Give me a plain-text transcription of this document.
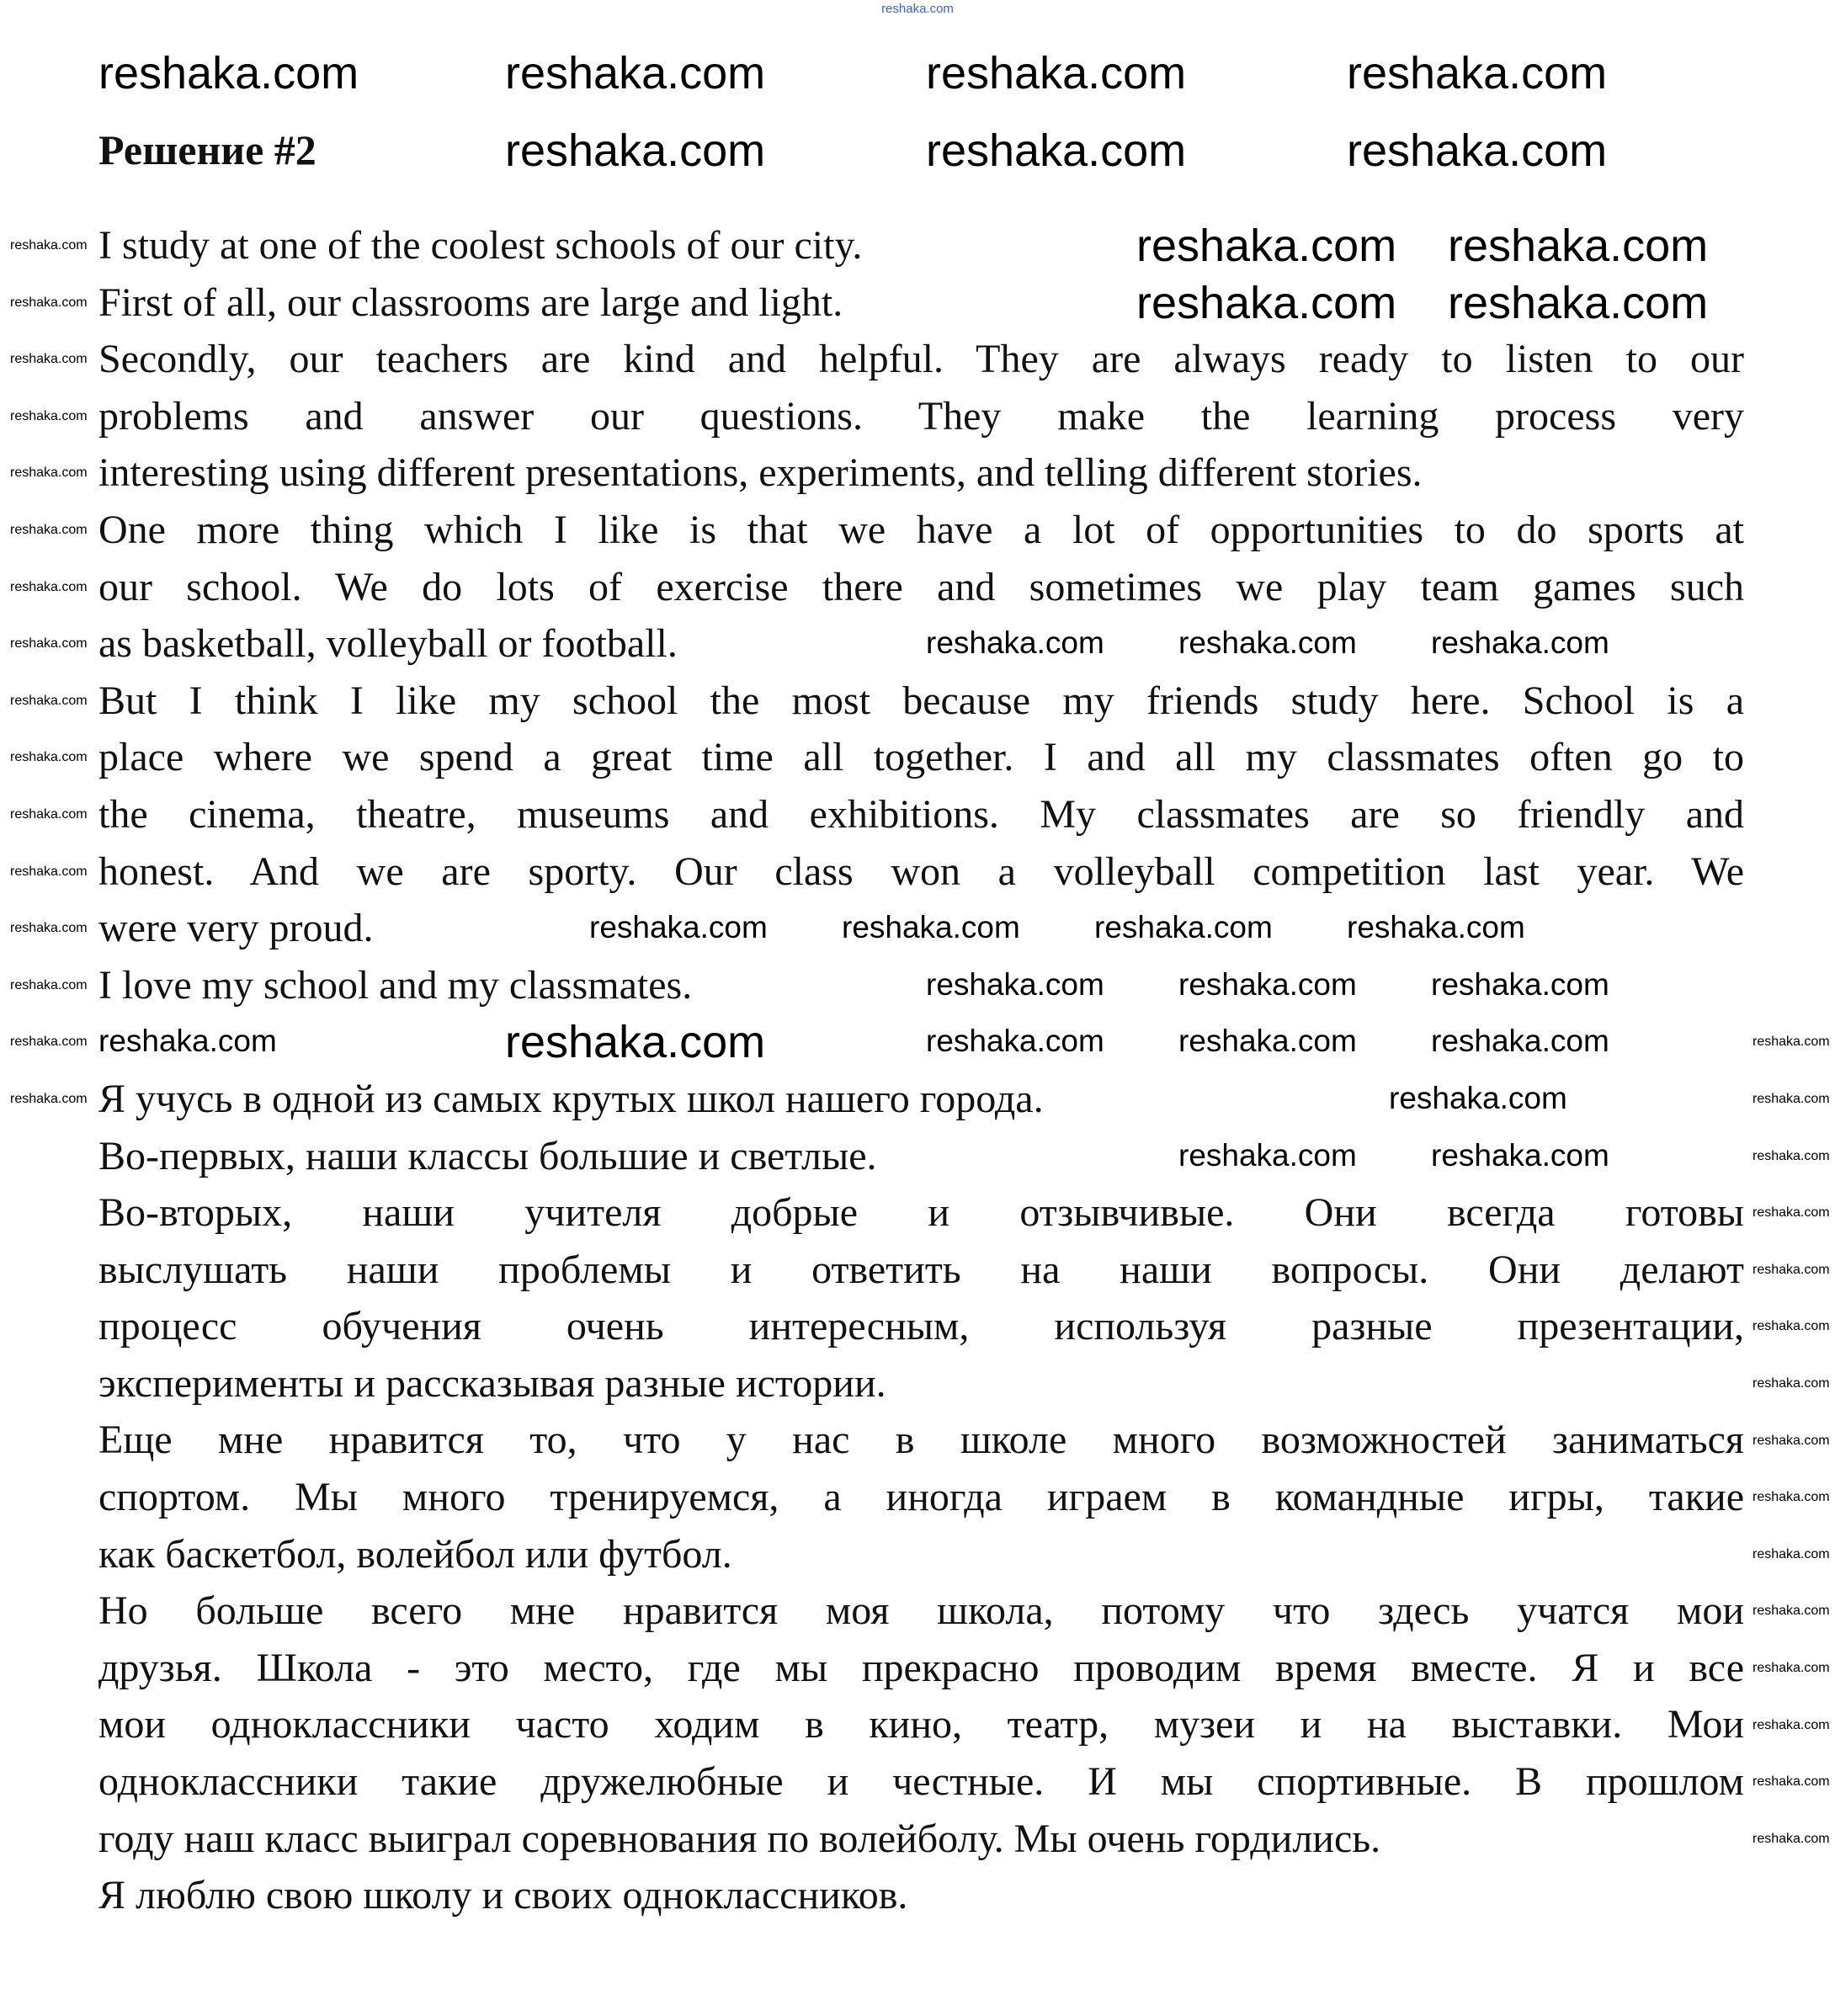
reshaka.com
Решение #2
I study at one of the coolest schools of our city.
First of all, our classrooms are large and light.
Secondly, our teachers are kind and helpful. They are always ready to listen to our
problems and answer our questions. They make the learning process very
interesting using different presentations, experiments, and telling different stories.
One more thing which I like is that we have a lot of opportunities to do sports at
our school. We do lots of exercise there and sometimes we play team games such
as basketball, volleyball or football.
But I think I like my school the most because my friends study here. School is a
place where we spend a great time all together. I and all my classmates often go to
the cinema, theatre, museums and exhibitions. My classmates are so friendly and
honest. And we are sporty. Our class won a volleyball competition last year. We
were very proud.
I love my school and my classmates.
Я учусь в одной из самых крутых школ нашего города.
Во-первых, наши классы большие и светлые.
Во-вторых, наши учителя добрые и отзывчивые. Они всегда готовы
выслушать наши проблемы и ответить на наши вопросы. Они делают
процесс обучения очень интересным, используя разные презентации,
эксперименты и рассказывая разные истории.
Еще мне нравится то, что у нас в школе много возможностей заниматься
спортом. Мы много тренируемся, а иногда играем в командные игры, такие
как баскетбол, волейбол или футбол.
Но больше всего мне нравится моя школа, потому что здесь учатся мои
друзья. Школа - это место, где мы прекрасно проводим время вместе. Я и все
мои одноклассники часто ходим в кино, театр, музеи и на выставки. Мои
одноклассники такие дружелюбные и честные. И мы спортивные. В прошлом
году наш класс выиграл соревнования по волейболу. Мы очень гордились.
Я люблю свою школу и своих одноклассников.
reshaka.com	reshaka.com	reshaka.com	reshaka.com
reshaka.com	reshaka.com	reshaka.com
reshaka.com reshaka.com
reshaka.com reshaka.com
reshaka.com
reshaka.com	reshaka.com reshaka.com reshaka.com
reshaka.com reshaka.com reshaka.com
reshaka.com reshaka.com reshaka.com reshaka.com
reshaka.com reshaka.com reshaka.com
reshaka.com
reshaka.com reshaka.com
reshaka.com
reshaka.com
reshaka.com
reshaka.com
reshaka.com
reshaka.com
reshaka.com
reshaka.com
reshaka.com
reshaka.com
reshaka.com
reshaka.com
reshaka.com
reshaka.com
reshaka.com
reshaka.com
reshaka.com
reshaka.com
reshaka.com
reshaka.com
reshaka.com
reshaka.com
reshaka.com
reshaka.com
reshaka.com
reshaka.com
reshaka.com
reshaka.com
reshaka.com
reshaka.com
reshaka.com
